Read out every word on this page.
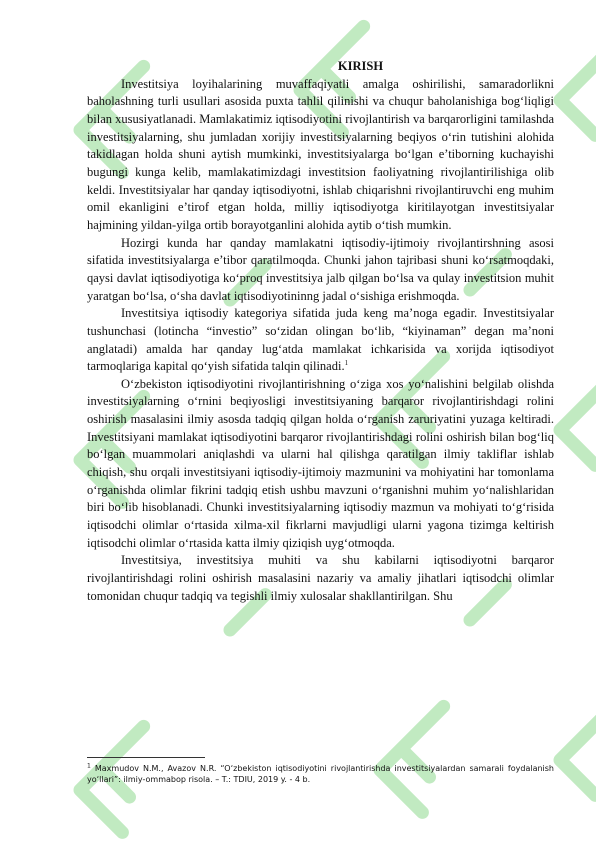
KIRISH

Investitsiya loyihalarining muvaffaqiyatli amalga oshirilishi, samaradorlikni baholashning turli usullari asosida puxta tahlil qilinishi va chuqur baholanishiga bog‘liqligi bilan xususiyatlanadi. Mamlakatimiz iqtisodiyotini rivojlantirish va barqarorligini tamilashda investitsiyalarning, shu jumladan xorijiy investitsiyalarning beqiyos o‘rin tutishini alohida takidlagan holda shuni aytish mumkinki, investitsiyalarga bo‘lgan e’tiborning kuchayishi bugungi kunga kelib, mamlakatimizdagi investitsion faoliyatning rivojlantirilishiga olib keldi. Investitsiyalar har qanday iqtisodiyotni, ishlab chiqarishni rivojlantiruvchi eng muhim omil ekanligini e’tirof etgan holda, milliy iqtisodiyotga kiritilayotgan investitsiyalar hajmining yildan-yilga ortib borayotganlini alohida aytib o‘tish mumkin.

Hozirgi kunda har qanday mamlakatni iqtisodiy-ijtimoiy rivojlantirshning asosi sifatida investitsiyalarga e’tibor qaratilmoqda. Chunki jahon tajribasi shuni ko‘rsatmoqdaki, qaysi davlat iqtisodiyotiga ko‘proq investitsiya jalb qilgan bo‘lsa va qulay investitsion muhit yaratgan bo‘lsa, o‘sha davlat iqtisodiyotininng jadal o‘sishiga erishmoqda.

Investitsiya iqtisodiy kategoriya sifatida juda keng ma’noga egadir. Investitsiyalar tushunchasi (lotincha “investio” so‘zidan olingan bo‘lib, “kiyinaman” degan ma’noni anglatadi) amalda har qanday lug‘atda mamlakat ichkarisida va xorijda iqtisodiyot tarmoqlariga kapital qo‘yish sifatida talqin qilinadi.$^1$

O‘zbekiston iqtisodiyotini rivojlantirishning o‘ziga xos yo‘nalishini belgilab olishda investitsiyalarning o‘rnini beqiyosligi investitsiyaning barqaror rivojlantirishdagi rolini oshirish masalasini ilmiy asosda tadqiq qilgan holda o‘rganish zaruriyatini yuzaga keltiradi. Investitsiyani mamlakat iqtisodiyotini barqaror rivojlantirishdagi rolini oshirish bilan bog‘liq bo‘lgan muammolari aniqlashdi va ularni hal qilishga qaratilgan ilmiy takliflar ishlab chiqish, shu orqali investitsiyani iqtisodiy-ijtimoiy mazmunini va mohiyatini har tomonlama o‘rganishda olimlar fikrini tadqiq etish ushbu mavzuni o‘rganishni muhim yo‘nalishlaridan biri bo‘lib hisoblanadi. Chunki investitsiyalarning iqtisodiy mazmun va mohiyati to‘g‘risida iqtisodchi olimlar o‘rtasida xilma-xil fikrlarni mavjudligi ularni yagona tizimga keltirish iqtisodchi olimlar o‘rtasida katta ilmiy qiziqish uyg‘otmoqda.

Investitsiya, investitsiya muhiti va shu kabilarni iqtisodiyotni barqaror rivojlantirishdagi rolini oshirish masalasini nazariy va amaliy jihatlari iqtisodchi olimlar tomonidan chuqur tadqiq va tegishli ilmiy xulosalar shakllantirilgan. Shu

$^1$ Maxmudov N.M., Avazov N.R. “O‘zbekiston iqtisodiyotini rivojlantirishda investitsiyalardan samarali foydalanish yo‘llari”: ilmiy-ommabop risola. – T.: TDIU, 2019 y. - 4 b.
